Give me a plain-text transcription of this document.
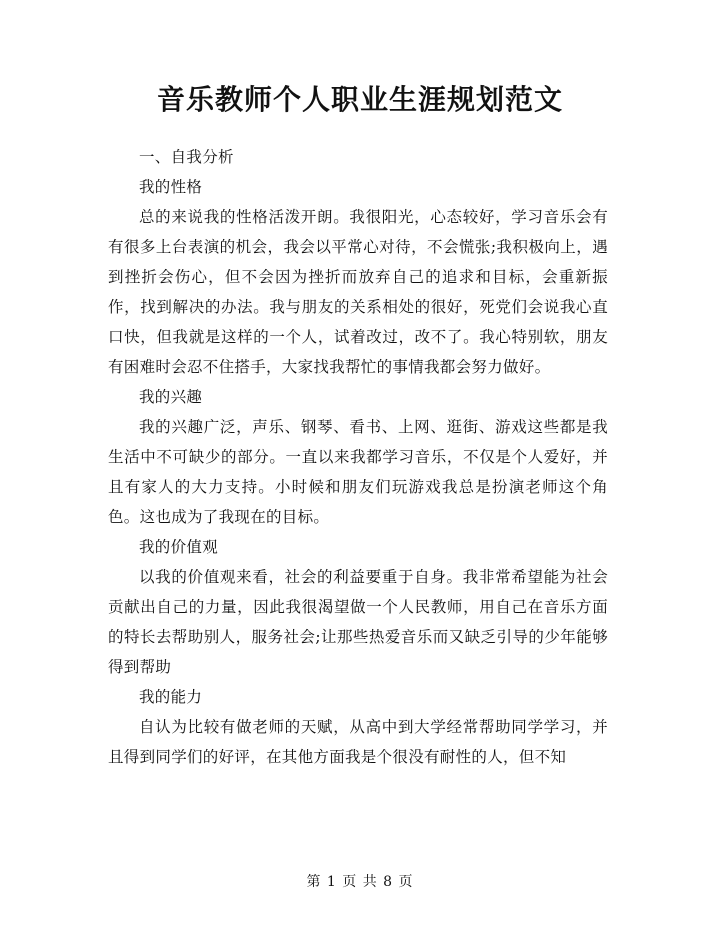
音乐教师个人职业生涯规划范文

一、自我分析

我的性格

总的来说我的性格活泼开朗。我很阳光，心态较好，学习音乐会有有很多上台表演的机会，我会以平常心对待，不会慌张;我积极向上，遇到挫折会伤心，但不会因为挫折而放弃自己的追求和目标，会重新振作，找到解决的办法。我与朋友的关系相处的很好，死党们会说我心直口快，但我就是这样的一个人，试着改过，改不了。我心特别软，朋友有困难时会忍不住搭手，大家找我帮忙的事情我都会努力做好。

我的兴趣

我的兴趣广泛，声乐、钢琴、看书、上网、逛街、游戏这些都是我生活中不可缺少的部分。一直以来我都学习音乐，不仅是个人爱好，并且有家人的大力支持。小时候和朋友们玩游戏我总是扮演老师这个角色。这也成为了我现在的目标。

我的价值观

以我的价值观来看，社会的利益要重于自身。我非常希望能为社会贡献出自己的力量，因此我很渴望做一个人民教师，用自己在音乐方面的特长去帮助别人，服务社会;让那些热爱音乐而又缺乏引导的少年能够得到帮助

我的能力

自认为比较有做老师的天赋，从高中到大学经常帮助同学学习，并且得到同学们的好评，在其他方面我是个很没有耐性的人，但不知

第 1 页 共 8 页
